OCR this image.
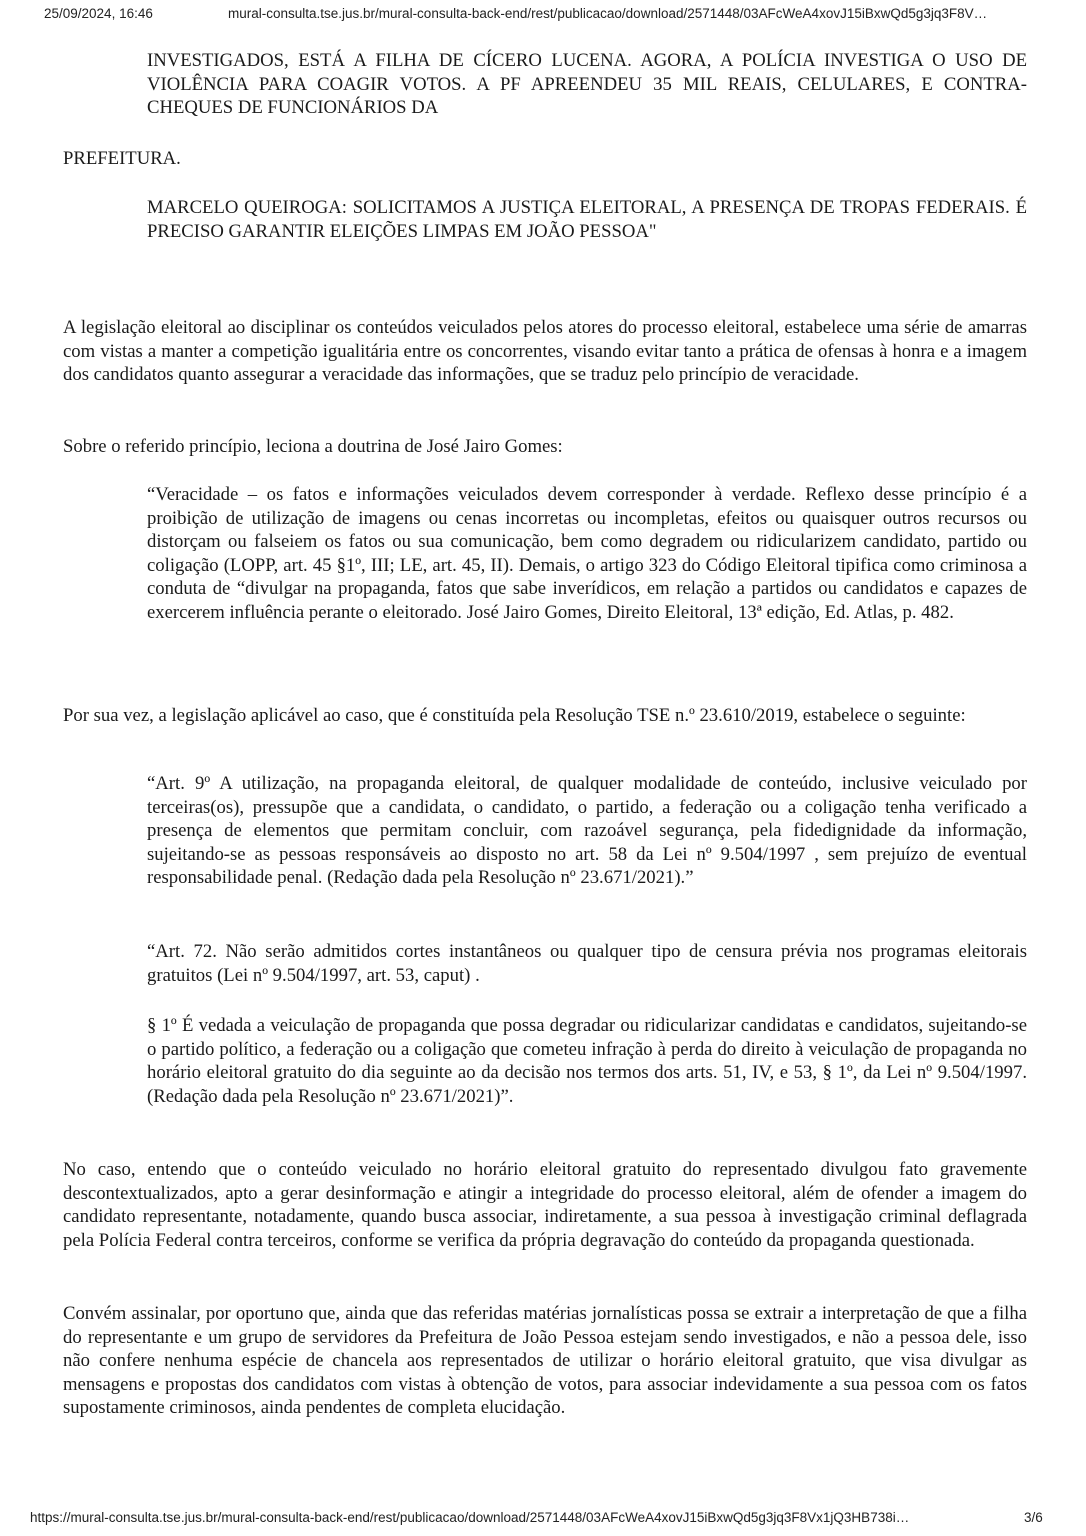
25/09/2024, 16:46	mural-consulta.tse.jus.br/mural-consulta-back-end/rest/publicacao/download/2571448/03AFcWeA4xovJ15iBxwQd5g3jq3F8V…

INVESTIGADOS, ESTÁ A FILHA DE CÍCERO LUCENA. AGORA, A POLÍCIA INVESTIGA O USO DE VIOLÊNCIA PARA COAGIR VOTOS. A PF APREENDEU 35 MIL REAIS, CELULARES, E CONTRA-CHEQUES DE FUNCIONÁRIOS DA

PREFEITURA.

MARCELO QUEIROGA: SOLICITAMOS A JUSTIÇA ELEITORAL, A PRESENÇA DE TROPAS FEDERAIS. É PRECISO GARANTIR ELEIÇÕES LIMPAS EM JOÃO PESSOA"

A legislação eleitoral ao disciplinar os conteúdos veiculados pelos atores do processo eleitoral, estabelece uma série de amarras com vistas a manter a competição igualitária entre os concorrentes, visando evitar tanto a prática de ofensas à honra e a imagem dos candidatos quanto assegurar a veracidade das informações, que se traduz pelo princípio de veracidade.

Sobre o referido princípio, leciona a doutrina de José Jairo Gomes:

“Veracidade – os fatos e informações veiculados devem corresponder à verdade. Reflexo desse princípio é a proibição de utilização de imagens ou cenas incorretas ou incompletas, efeitos ou quaisquer outros recursos ou distorçam ou falseiem os fatos ou sua comunicação, bem como degradem ou ridicularizem candidato, partido ou coligação (LOPP, art. 45 §1º, III; LE, art. 45, II). Demais, o artigo 323 do Código Eleitoral tipifica como criminosa a conduta de “divulgar na propaganda, fatos que sabe inverídicos, em relação a partidos ou candidatos e capazes de exercerem influência perante o eleitorado. José Jairo Gomes, Direito Eleitoral, 13ª edição, Ed. Atlas, p. 482.

Por sua vez, a legislação aplicável ao caso, que é constituída pela Resolução TSE n.º 23.610/2019, estabelece o seguinte:

“Art. 9º A utilização, na propaganda eleitoral, de qualquer modalidade de conteúdo, inclusive veiculado por terceiras(os), pressupõe que a candidata, o candidato, o partido, a federação ou a coligação tenha verificado a presença de elementos que permitam concluir, com razoável segurança, pela fidedignidade da informação, sujeitando-se as pessoas responsáveis ao disposto no art. 58 da Lei nº 9.504/1997 , sem prejuízo de eventual responsabilidade penal. (Redação dada pela Resolução nº 23.671/2021).”

“Art. 72. Não serão admitidos cortes instantâneos ou qualquer tipo de censura prévia nos programas eleitorais gratuitos (Lei nº 9.504/1997, art. 53, caput) .

§ 1º É vedada a veiculação de propaganda que possa degradar ou ridicularizar candidatas e candidatos, sujeitando-se o partido político, a federação ou a coligação que cometeu infração à perda do direito à veiculação de propaganda no horário eleitoral gratuito do dia seguinte ao da decisão nos termos dos arts. 51, IV, e 53, § 1º, da Lei nº 9.504/1997. (Redação dada pela Resolução nº 23.671/2021)”.

No caso, entendo que o conteúdo veiculado no horário eleitoral gratuito do representado divulgou fato gravemente descontextualizados, apto a gerar desinformação e atingir a integridade do processo eleitoral, além de ofender a imagem do candidato representante, notadamente, quando busca associar, indiretamente, a sua pessoa à investigação criminal deflagrada pela Polícia Federal contra terceiros, conforme se verifica da própria degravação do conteúdo da propaganda questionada.

Convém assinalar, por oportuno que, ainda que das referidas matérias jornalísticas possa se extrair a interpretação de que a filha do representante e um grupo de servidores da Prefeitura de João Pessoa estejam sendo investigados, e não a pessoa dele, isso não confere nenhuma espécie de chancela aos representados de utilizar o horário eleitoral gratuito, que visa divulgar as mensagens e propostas dos candidatos com vistas à obtenção de votos, para associar indevidamente a sua pessoa com os fatos supostamente criminosos, ainda pendentes de completa elucidação.

https://mural-consulta.tse.jus.br/mural-consulta-back-end/rest/publicacao/download/2571448/03AFcWeA4xovJ15iBxwQd5g3jq3F8Vx1jQ3HB738i…	3/6
